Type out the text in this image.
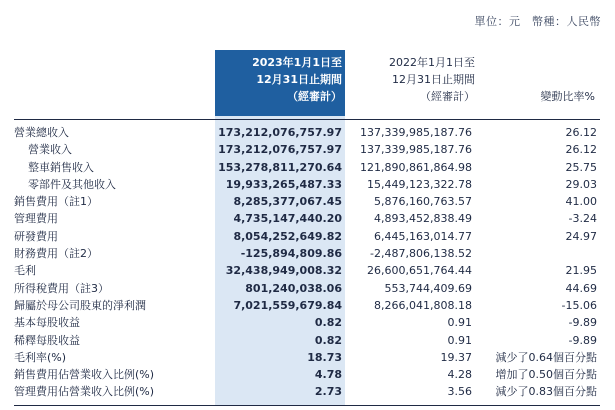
單位：元　幣種：人民幣
2023年1月1日至
12月31日止期間
（經審計）
2022年1月1日至
12月31日止期間
（經審計）	變動比率%
營業總收入	173,212,076,757.97 137,339,985,187.76	26.12
營業收入	173,212,076,757.97 137,339,985,187.76	26.12
整車銷售收入	153,278,811,270.64 121,890,861,864.98	25.75
零部件及其他收入	19,933,265,487.33 15,449,123,322.78	29.03
銷售費用（註1）	8,285,377,067.45	5,876,160,763.57	41.00
管理費用	4,735,147,440.20	4,893,452,838.49	-3.24
研發費用	8,054,252,649.82	6,445,163,014.77	24.97
財務費用（註2）	-125,894,809.86	-2,487,806,138.52
毛利	32,438,949,008.32 26,600,651,764.44	21.95
所得稅費用（註3）	801,240,038.06	553,744,409.69	44.69
歸屬於母公司股東的淨利潤	7,021,559,679.84	8,266,041,808.18	-15.06
基本每股收益	0.82	0.91	-9.89
稀釋每股收益	0.82	0.91	-9.89
毛利率(%)	18.73	19.37 減少了0.64個百分點
銷售費用佔營業收入比例(%)	4.78	4.28 增加了0.50個百分點
管理費用佔營業收入比例(%)	2.73	3.56 減少了0.83個百分點
